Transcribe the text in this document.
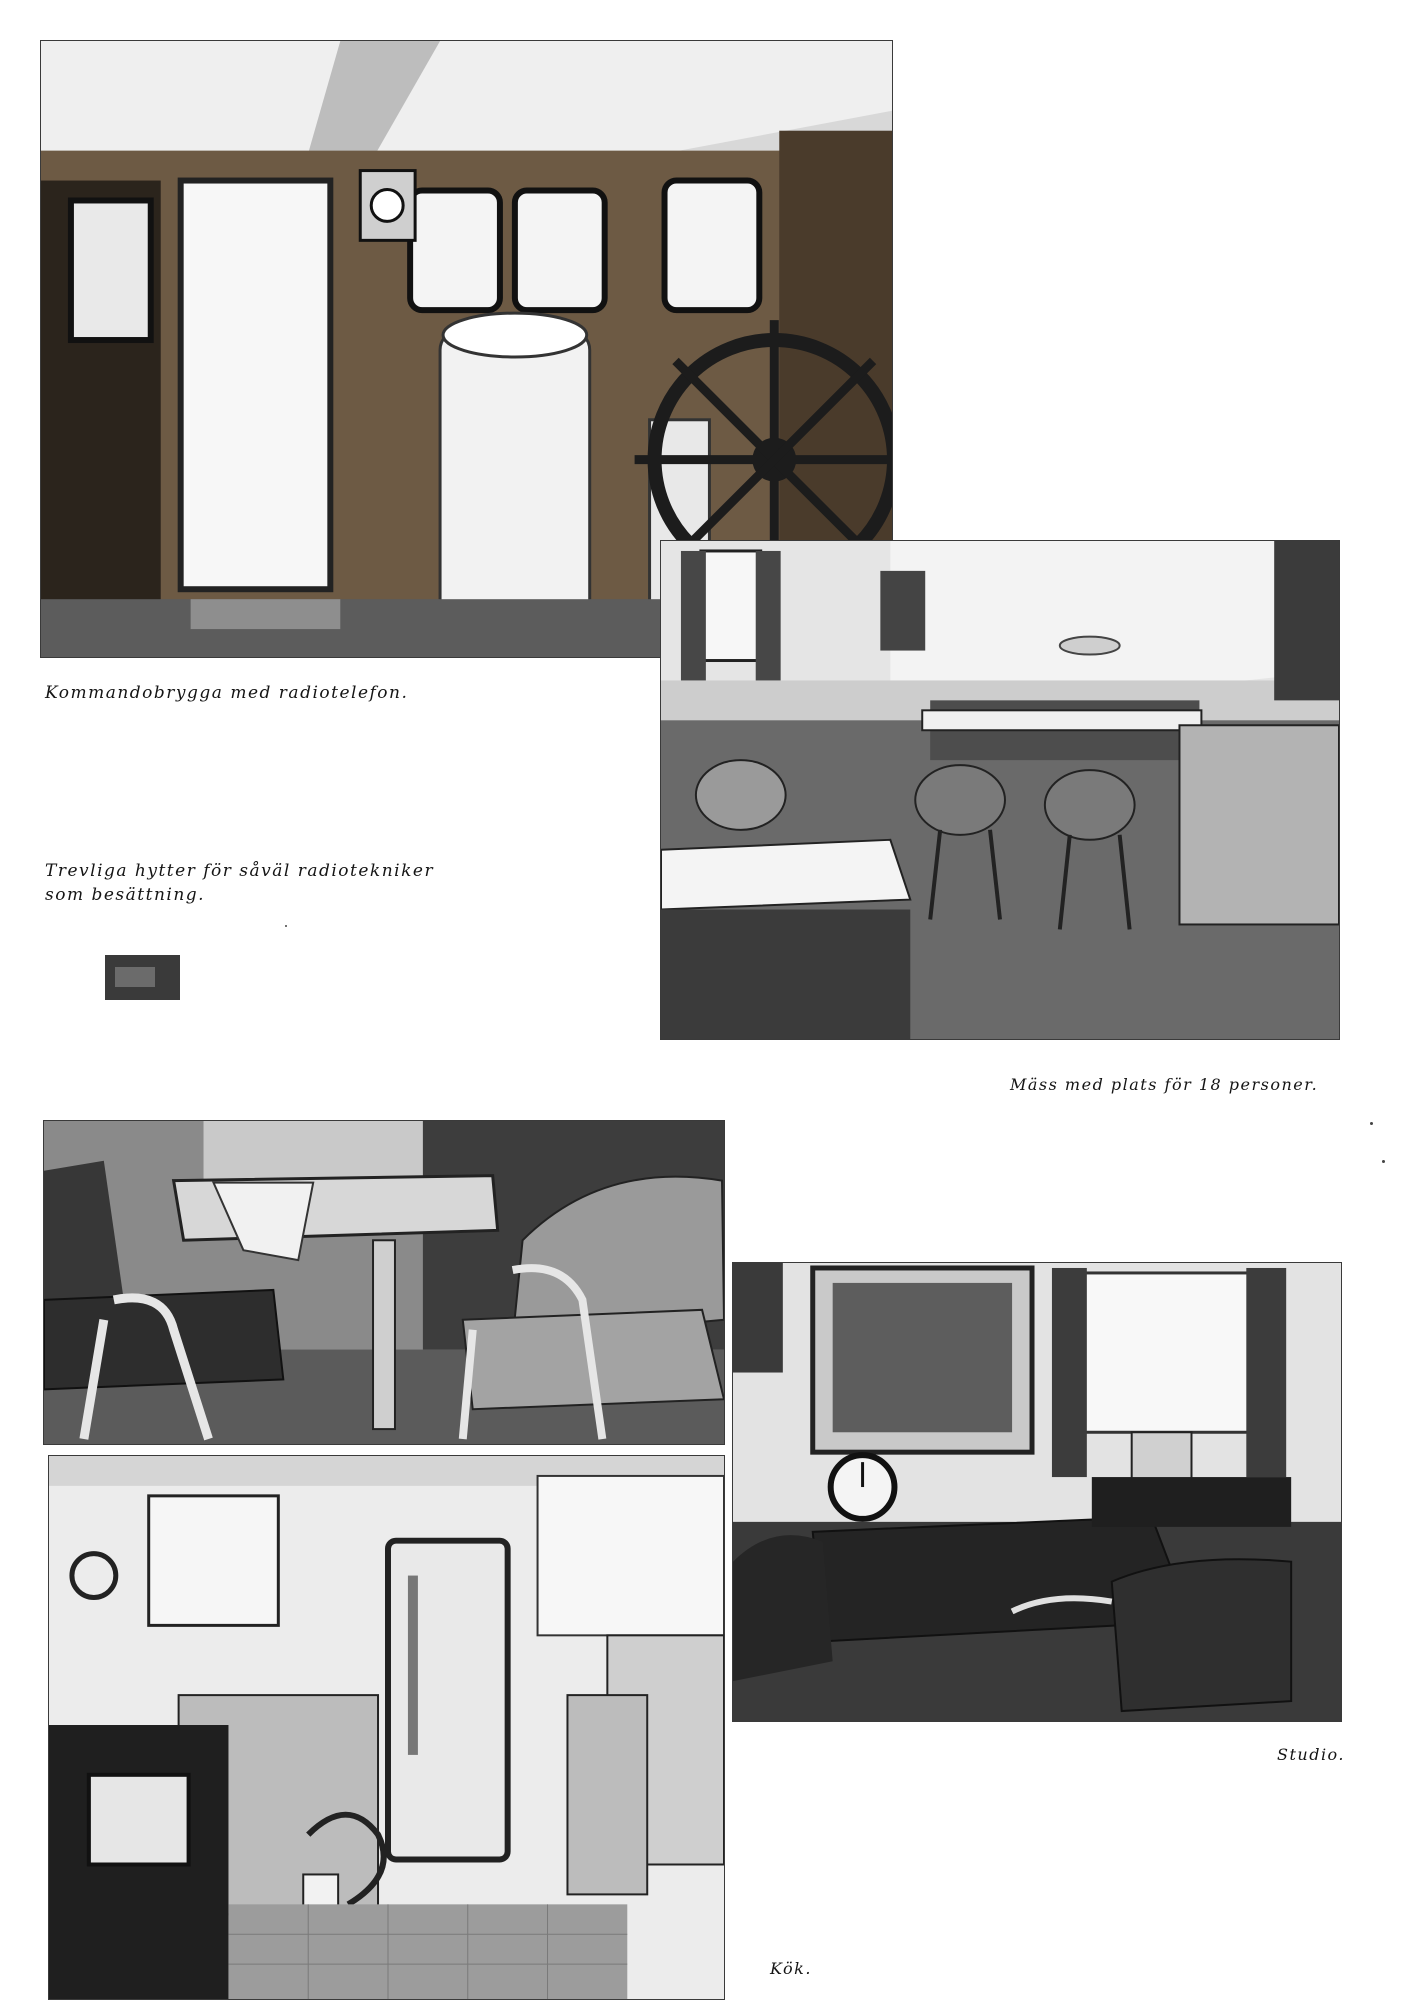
Kommandobrygga med radiotelefon.
Trevliga hytter för såväl radiotekniker
som besättning.
Mäss med plats för 18 personer.
Studio.
Kök.
